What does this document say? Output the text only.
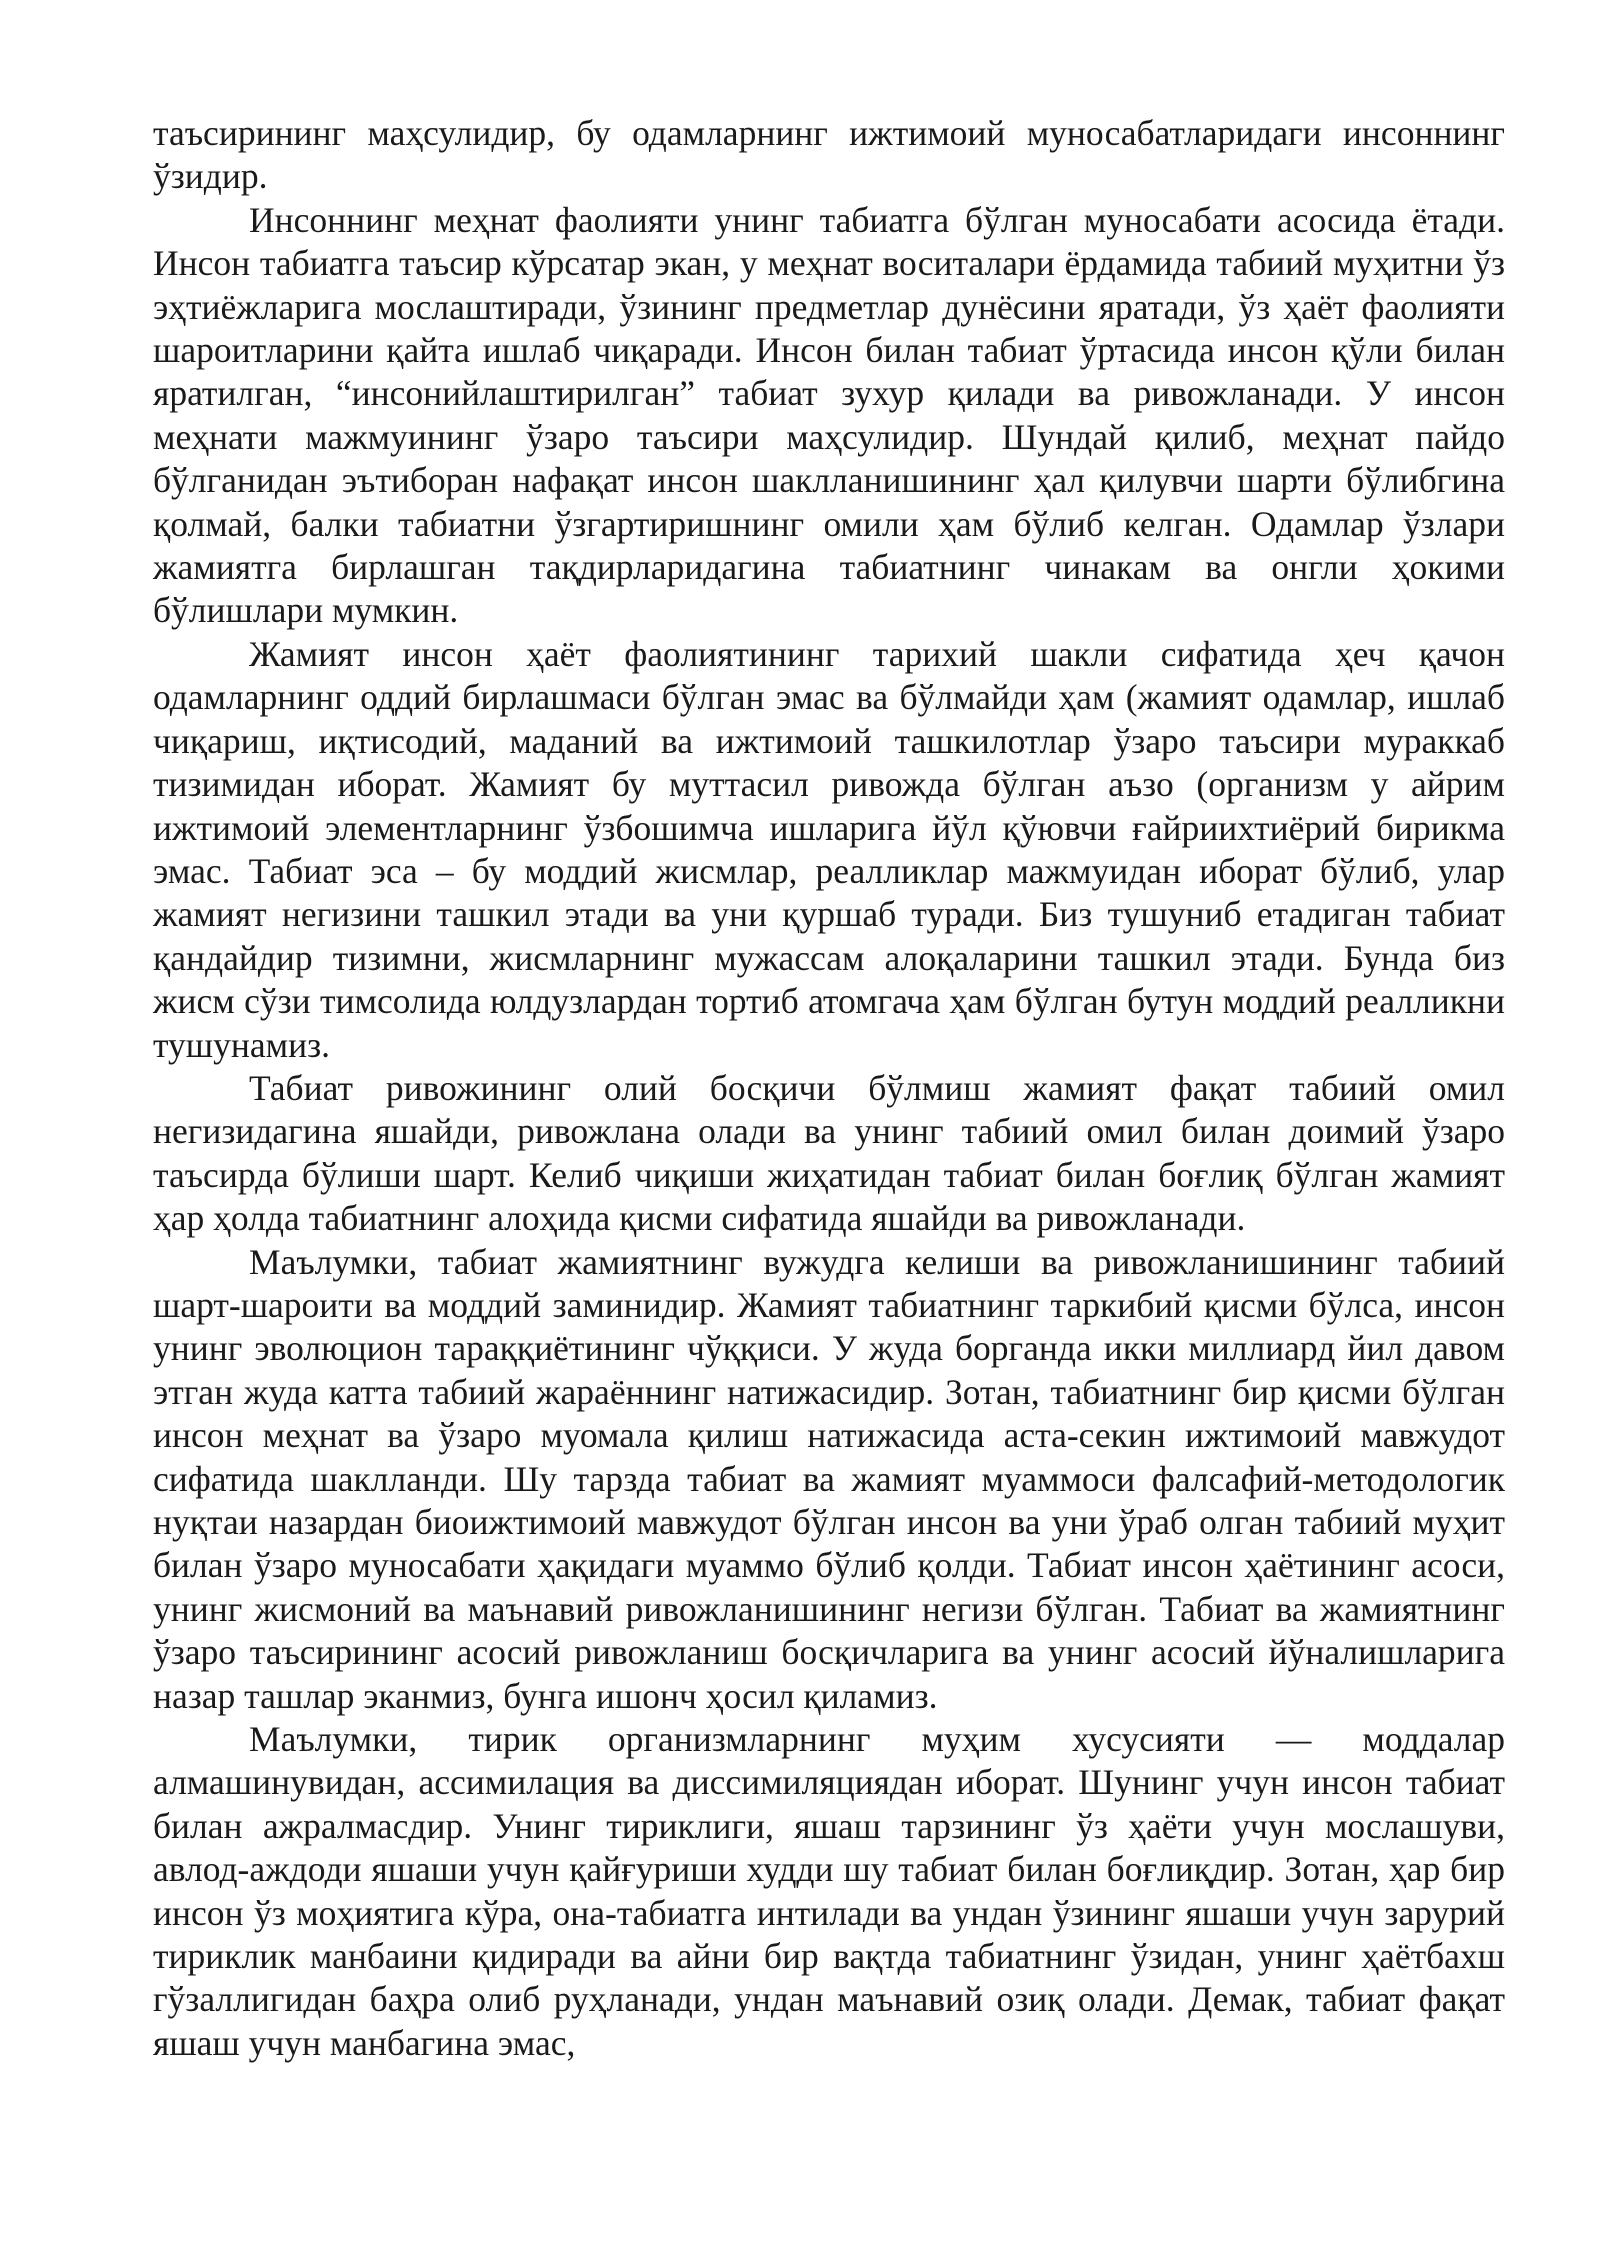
таъсирининг маҳсулидир, бу одамларнинг ижтимоий муносабатларидаги инсоннинг ўзидир.

Инсоннинг меҳнат фаолияти унинг табиатга бўлган муносабати асосида ётади. Инсон табиатга таъсир кўрсатар экан, у меҳнат воситалари ёрдамида табиий муҳитни ўз эҳтиёжларига мослаштиради, ўзининг предметлар дунёсини яратади, ўз ҳаёт фаолияти шароитларини қайта ишлаб чиқаради. Инсон билан табиат ўртасида инсон қўли билан яратилган, “инсонийлаштирилган” табиат зухур қилади ва ривожланади. У инсон меҳнати мажмуининг ўзаро таъсири маҳсулидир. Шундай қилиб, меҳнат пайдо бўлганидан эътиборан нафақат инсон шаклланишининг ҳал қилувчи шарти бўлибгина қолмай, балки табиатни ўзгартиришнинг омили ҳам бўлиб келган. Одамлар ўзлари жамиятга бирлашган тақдирларидагина табиатнинг чинакам ва онгли ҳокими бўлишлари мумкин.

Жамият инсон ҳаёт фаолиятининг тарихий шакли сифатида ҳеч қачон одамларнинг оддий бирлашмаси бўлган эмас ва бўлмайди ҳам (жамият одамлар, ишлаб чиқариш, иқтисодий, маданий ва ижтимоий ташкилотлар ўзаро таъсири мураккаб тизимидан иборат. Жамият бу муттасил ривожда бўлган аъзо (организм у айрим ижтимоий элементларнинг ўзбошимча ишларига йўл қўювчи ғайриихтиёрий бирикма эмас. Табиат эса – бу моддий жисмлар, реалликлар мажмуидан иборат бўлиб, улар жамият негизини ташкил этади ва уни қуршаб туради. Биз тушуниб етадиган табиат қандайдир тизимни, жисмларнинг мужассам алоқаларини ташкил этади. Бунда биз жисм сўзи тимсолида юлдузлардан тортиб атомгача ҳам бўлган бутун моддий реалликни тушунамиз.

Табиат ривожининг олий босқичи бўлмиш жамият фақат табиий омил негизидагина яшайди, ривожлана олади ва унинг табиий омил билан доимий ўзаро таъсирда бўлиши шарт. Келиб чиқиши жиҳатидан табиат билан боғлиқ бўлган жамият ҳар ҳолда табиатнинг алоҳида қисми сифатида яшайди ва ривожланади.

Маълумки, табиат жамиятнинг вужудга келиши ва ривожланишининг табиий шарт-шароити ва моддий заминидир. Жамият табиатнинг таркибий қисми бўлса, инсон унинг эволюцион тараққиётининг чўққиси. У жуда борганда икки миллиард йил давом этган жуда катта табиий жараённинг натижасидир. Зотан, табиатнинг бир қисми бўлган инсон меҳнат ва ўзаро муомала қилиш натижасида аста-секин ижтимоий мавжудот сифатида шаклланди. Шу тарзда табиат ва жамият муаммоси фалсафий-методологик нуқтаи назардан биоижтимоий мавжудот бўлган инсон ва уни ўраб олган табиий муҳит билан ўзаро муносабати ҳақидаги муаммо бўлиб қолди. Табиат инсон ҳаётининг асоси, унинг жисмоний ва маънавий ривожланишининг негизи бўлган. Табиат ва жамиятнинг ўзаро таъсирининг асосий ривожланиш босқичларига ва унинг асосий йўналишларига назар ташлар эканмиз, бунга ишонч ҳосил қиламиз.

Маълумки, тирик организмларнинг муҳим хусусияти — моддалар алмашинувидан, ассимилация ва диссимиляциядан иборат. Шунинг учун инсон табиат билан ажралмасдир. Унинг тириклиги, яшаш тарзининг ўз ҳаёти учун мослашуви, авлод-аждоди яшаши учун қайғуриши худди шу табиат билан боғлиқдир. Зотан, ҳар бир инсон ўз моҳиятига кўра, она-табиатга интилади ва ундан ўзининг яшаши учун зарурий тириклик манбаини қидиради ва айни бир вақтда табиатнинг ўзидан, унинг ҳаётбахш гўзаллигидан баҳра олиб руҳланади, ундан маънавий озиқ олади. Демак, табиат фақат яшаш учун манбагина эмас,
